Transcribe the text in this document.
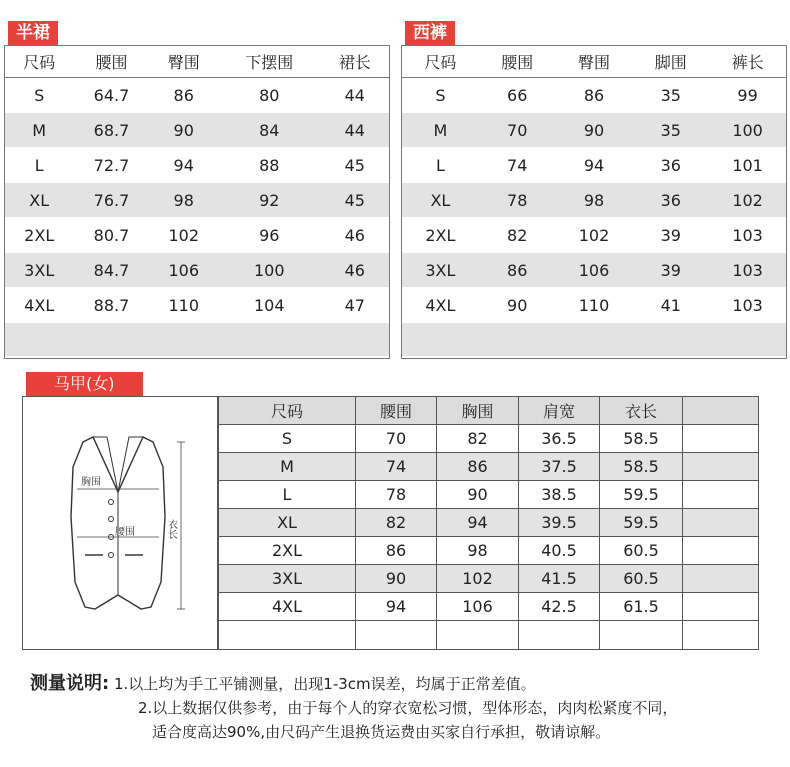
半裙
尺码	腰围	臀围	下摆围	裙长
S	64.7	86	80	44
M	68.7	90	84	44
L	72.7	94	88	45
XL	76.7	98	92	45
2XL	80.7	102	96	46
3XL	84.7	106	100	46
4XL	88.7	110	104	47

西裤
尺码	腰围	臀围	脚围	裤长
S	66	86	35	99
M	70	90	35	100
L	74	94	36	101
XL	78	98	36	102
2XL	82	102	39	103
3XL	86	106	39	103
4XL	90	110	41	103

马甲(女)
胸围
腰围	衣长
尺码	腰围	胸围	肩宽	衣长	
S	70	82	36.5	58.5	
M	74	86	37.5	58.5	
L	78	90	38.5	59.5	
XL	82	94	39.5	59.5	
2XL	86	98	40.5	60.5	
3XL	90	102	41.5	60.5	
4XL	94	106	42.5	61.5	

测量说明: 1.以上均为手工平铺测量，出现1-3cm误差，均属于正常差值。
2.以上数据仅供参考，由于每个人的穿衣宽松习惯，型体形态，肉肉松紧度不同，
适合度高达90%,由尺码产生退换货运费由买家自行承担，敬请谅解。
